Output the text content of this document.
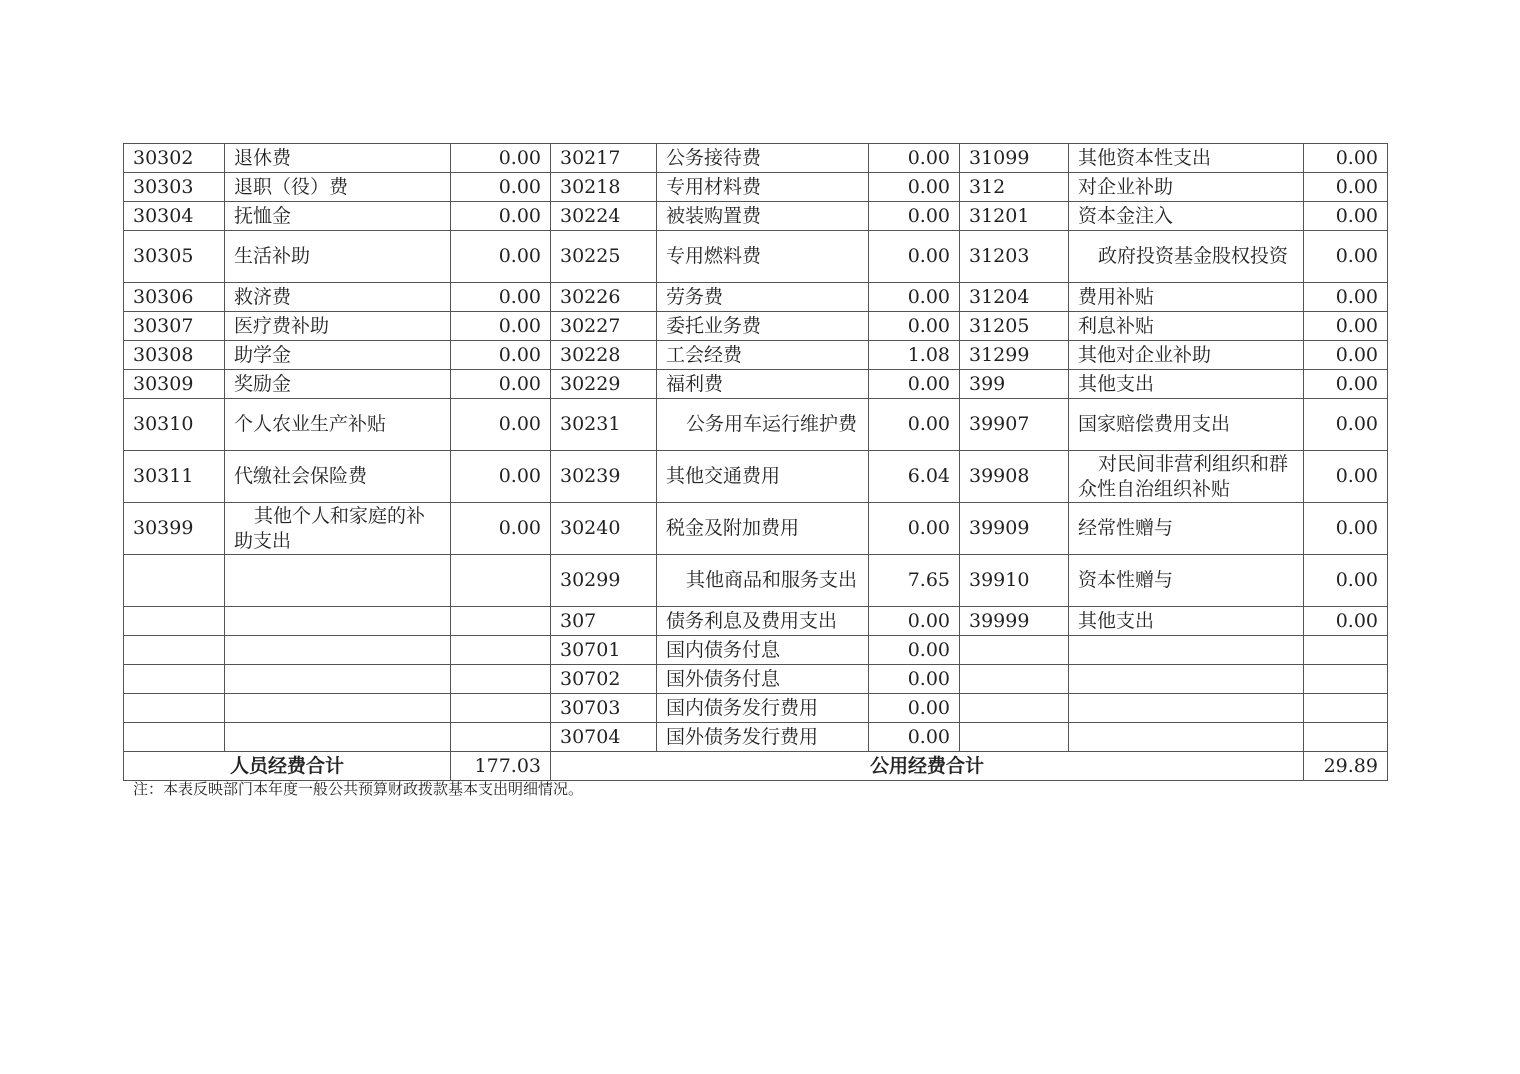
30302	退休费	0.00	30217	公务接待费	0.00	31099	其他资本性支出	0.00
30303	退职（役）费	0.00	30218	专用材料费	0.00	312	对企业补助	0.00
30304	抚恤金	0.00	30224	被装购置费	0.00	31201	资本金注入	0.00
30305	生活补助	0.00	30225	专用燃料费	0.00	31203	政府投资基金股权投资	0.00
30306	救济费	0.00	30226	劳务费	0.00	31204	费用补贴	0.00
30307	医疗费补助	0.00	30227	委托业务费	0.00	31205	利息补贴	0.00
30308	助学金	0.00	30228	工会经费	1.08	31299	其他对企业补助	0.00
30309	奖励金	0.00	30229	福利费	0.00	399	其他支出	0.00
30310	个人农业生产补贴	0.00	30231	公务用车运行维护费	0.00	39907	国家赔偿费用支出	0.00
30311	代缴社会保险费	0.00	30239	其他交通费用	6.04	39908	对民间非营利组织和群众性自治组织补贴	0.00
30399	其他个人和家庭的补助支出	0.00	30240	税金及附加费用	0.00	39909	经常性赠与	0.00
			30299	其他商品和服务支出	7.65	39910	资本性赠与	0.00
			307	债务利息及费用支出	0.00	39999	其他支出	0.00
			30701	国内债务付息	0.00			
			30702	国外债务付息	0.00			
			30703	国内债务发行费用	0.00			
			30704	国外债务发行费用	0.00			
人员经费合计		177.03	公用经费合计					29.89
注：本表反映部门本年度一般公共预算财政拨款基本支出明细情况。
